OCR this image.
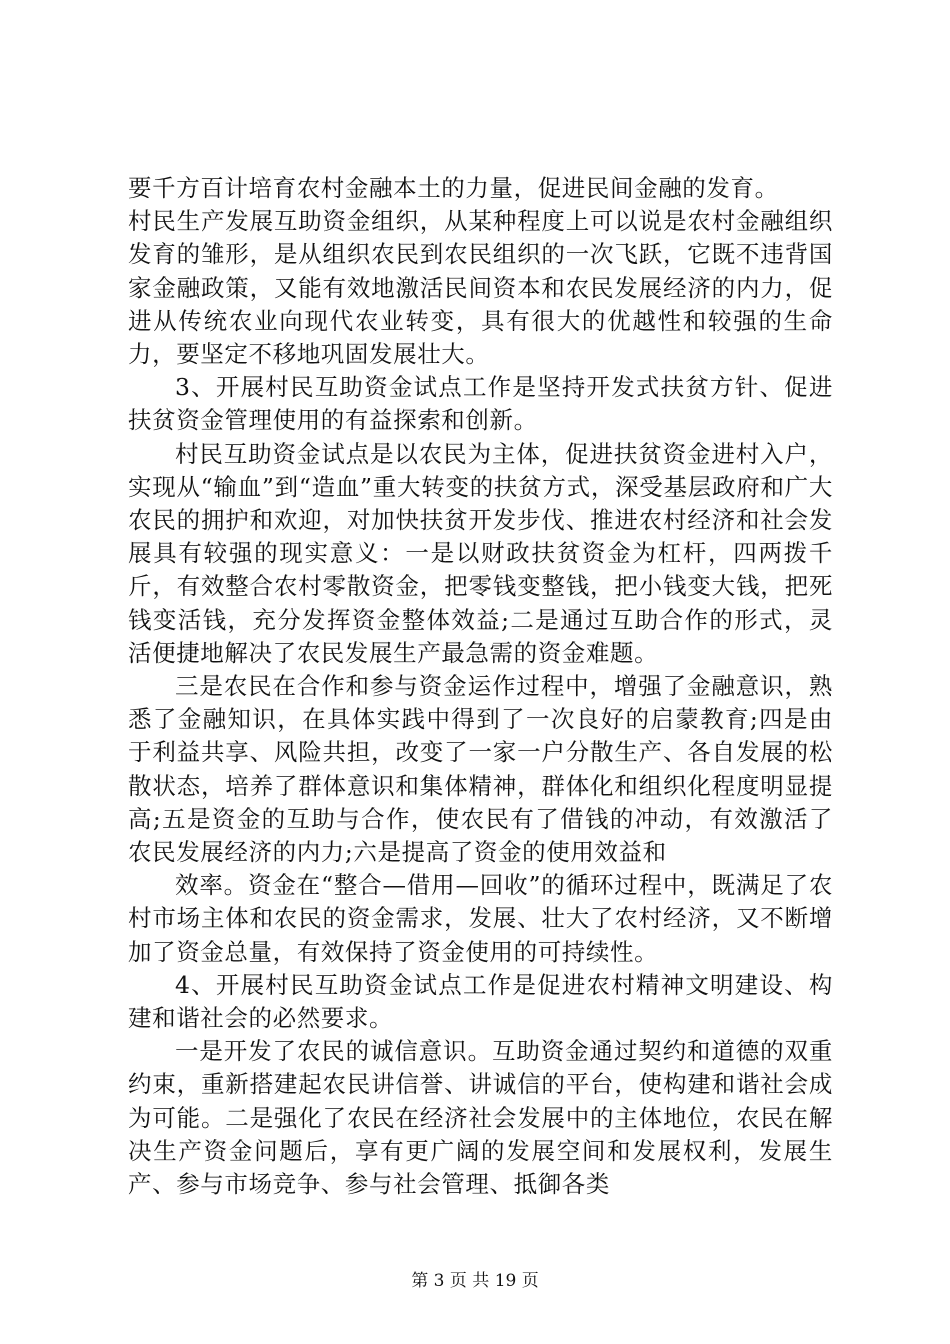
要千方百计培育农村金融本土的力量，促进民间金融的发育。

村民生产发展互助资金组织，从某种程度上可以说是农村金融组织发育的雏形，是从组织农民到农民组织的一次飞跃，它既不违背国家金融政策，又能有效地激活民间资本和农民发展经济的内力，促进从传统农业向现代农业转变，具有很大的优越性和较强的生命力，要坚定不移地巩固发展壮大。

3、开展村民互助资金试点工作是坚持开发式扶贫方针、促进扶贫资金管理使用的有益探索和创新。

村民互助资金试点是以农民为主体，促进扶贫资金进村入户，实现从“输血”到“造血”重大转变的扶贫方式，深受基层政府和广大农民的拥护和欢迎，对加快扶贫开发步伐、推进农村经济和社会发展具有较强的现实意义：一是以财政扶贫资金为杠杆，四两拨千斤，有效整合农村零散资金，把零钱变整钱，把小钱变大钱，把死钱变活钱，充分发挥资金整体效益;二是通过互助合作的形式，灵活便捷地解决了农民发展生产最急需的资金难题。

三是农民在合作和参与资金运作过程中，增强了金融意识，熟悉了金融知识，在具体实践中得到了一次良好的启蒙教育;四是由于利益共享、风险共担，改变了一家一户分散生产、各自发展的松散状态，培养了群体意识和集体精神，群体化和组织化程度明显提高;五是资金的互助与合作，使农民有了借钱的冲动，有效激活了农民发展经济的内力;六是提高了资金的使用效益和

效率。资金在“整合—借用—回收”的循环过程中，既满足了农村市场主体和农民的资金需求，发展、壮大了农村经济，又不断增加了资金总量，有效保持了资金使用的可持续性。

4、开展村民互助资金试点工作是促进农村精神文明建设、构建和谐社会的必然要求。

一是开发了农民的诚信意识。互助资金通过契约和道德的双重约束，重新搭建起农民讲信誉、讲诚信的平台，使构建和谐社会成为可能。二是强化了农民在经济社会发展中的主体地位，农民在解决生产资金问题后，享有更广阔的发展空间和发展权利，发展生产、参与市场竞争、参与社会管理、抵御各类

第 3 页 共 19 页
